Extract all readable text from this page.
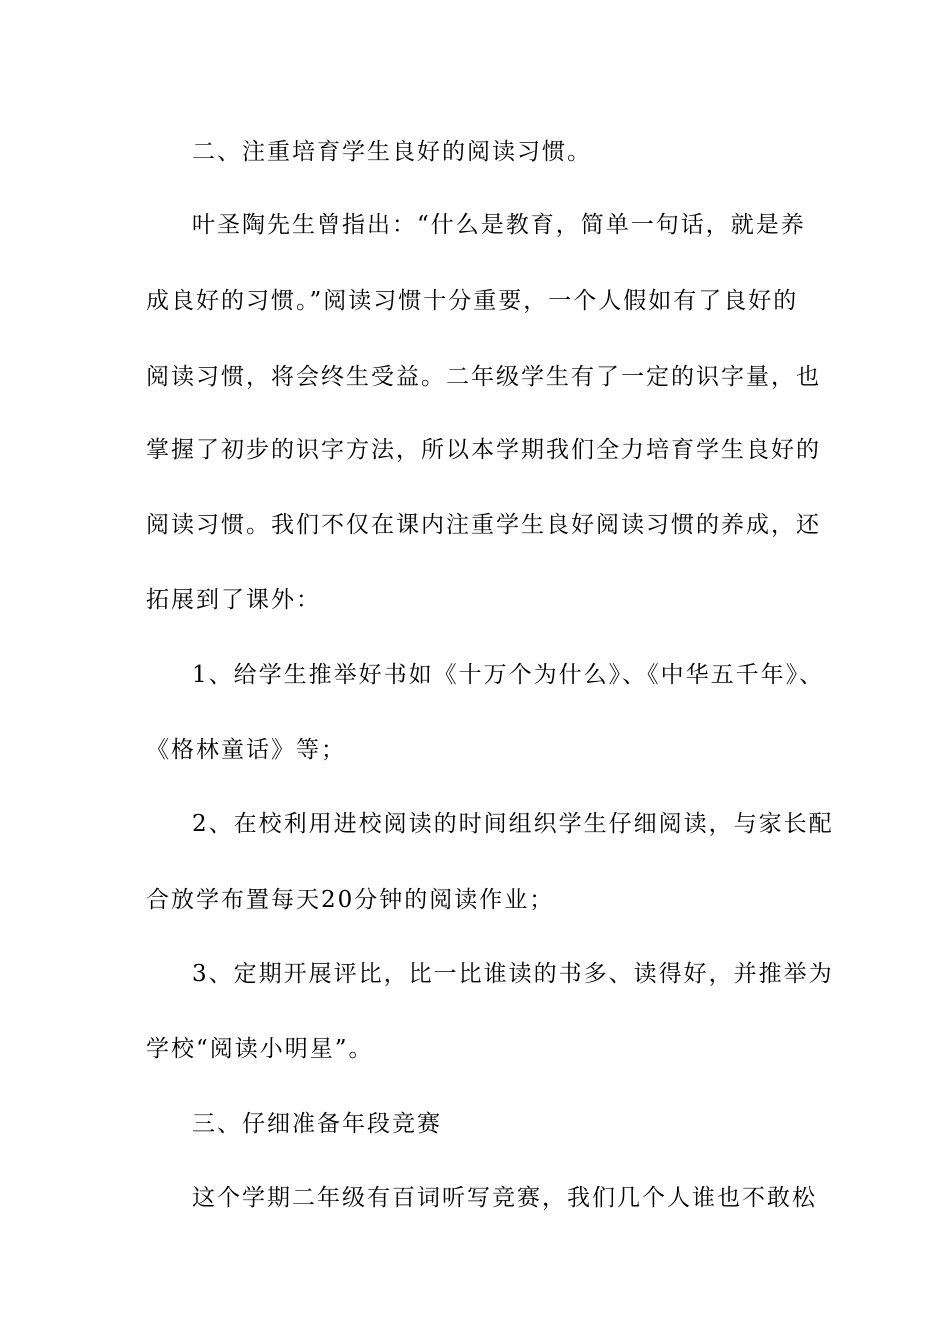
二、注重培育学生良好的阅读习惯。
叶圣陶先生曾指出：“什么是教育，简单一句话，就是养
成良好的习惯。”阅读习惯十分重要，一个人假如有了良好的
阅读习惯，将会终生受益。二年级学生有了一定的识字量，也
掌握了初步的识字方法，所以本学期我们全力培育学生良好的
阅读习惯。我们不仅在课内注重学生良好阅读习惯的养成，还
拓展到了课外：
1、给学生推举好书如《十万个为什么》、《中华五千年》、
《格林童话》等；
2、在校利用进校阅读的时间组织学生仔细阅读，与家长配
合放学布置每天20分钟的阅读作业；
3、定期开展评比，比一比谁读的书多、读得好，并推举为
学校“阅读小明星”。
三、仔细准备年段竞赛
这个学期二年级有百词听写竞赛，我们几个人谁也不敢松
